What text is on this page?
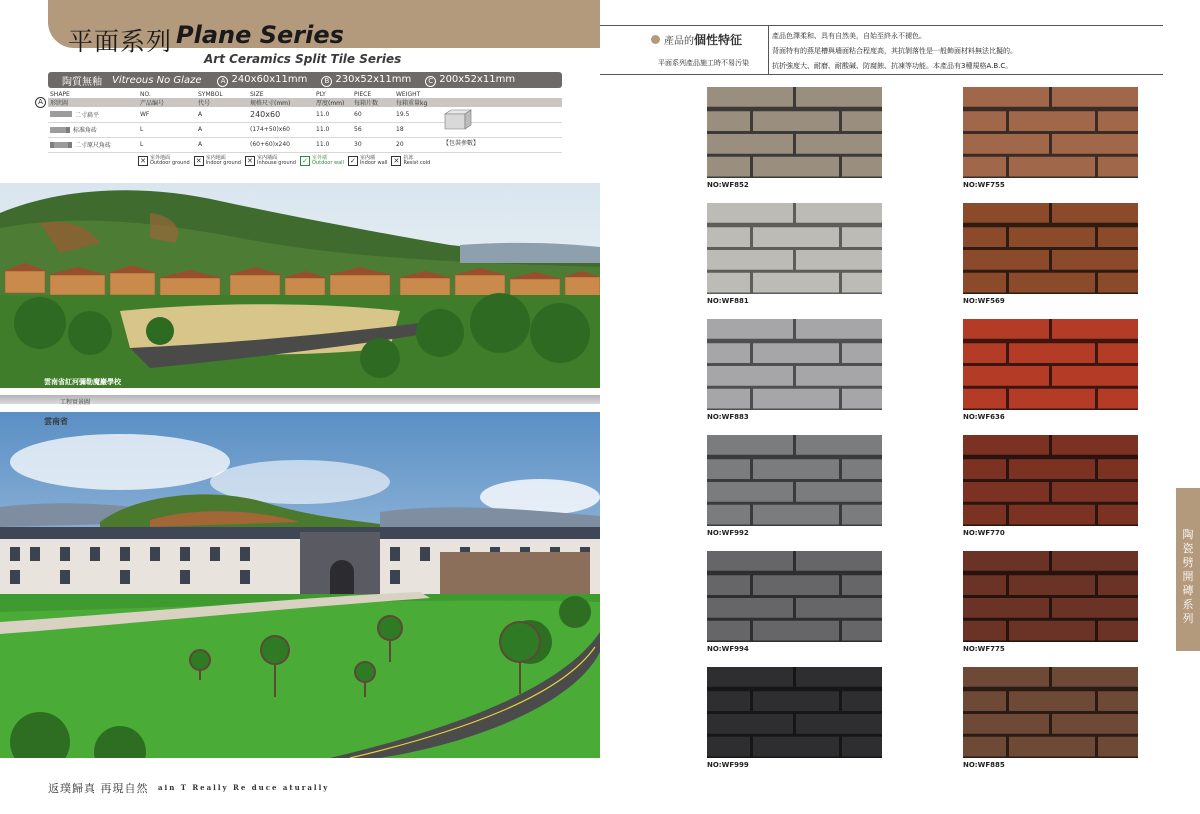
平面系列 Plane Series
Art Ceramics Split Tile Series
陶質無釉 Vitreous No Glaze	A 240x60x11mm	B 230x52x11mm	C 200x52x11mm
A
SHAPE	NO.	SYMBOL	SIZE	PLY	PIECE	WEIGHT
形狀圖	产品编号	代号	规格尺寸(mm)	厚度(mm)	每箱片数	每箱重量kg

二寸扁平	WF	A	240x60	11.0	60	19.5

标准角砖	L	A	(174+50)x60	11.0	56	18

二寸原尺角砖	L	A	(60+60)x240	11.0	30	20	【包裝參數】
✕ 室外地面
Outdoor ground ✕ 室内地面
Indoor ground ✕ 室内墙面
Inhouse ground ✓ 室外墙
Outdoor wall ✓ 室内墙
Indoor wall ✕ 抗冻
Resist cold
雲南省紅河彌勒魔巖學校
工程實景圖
雲南省
返璞歸真 再現自然 ain T Really Re duce aturally
產品的個性特征
平面系列產品施工時不易污染
產品色澤柔和、具有自然美，自始至終永不褪色。
背面特有的燕尾槽與墻面粘合程度高，其抗剝落性是一般飾面材料無法比擬的。
抗折強度大、耐磨、耐酸碱、防腐蝕、抗凍等功能。本產品有3種規格A.B.C。
NO:WF852	NO:WF755
NO:WF881	NO:WF569
NO:WF883	NO:WF636
NO:WF992	NO:WF770
NO:WF994	NO:WF775
NO:WF999	NO:WF885
陶
瓷
劈
開
磚
系
列
